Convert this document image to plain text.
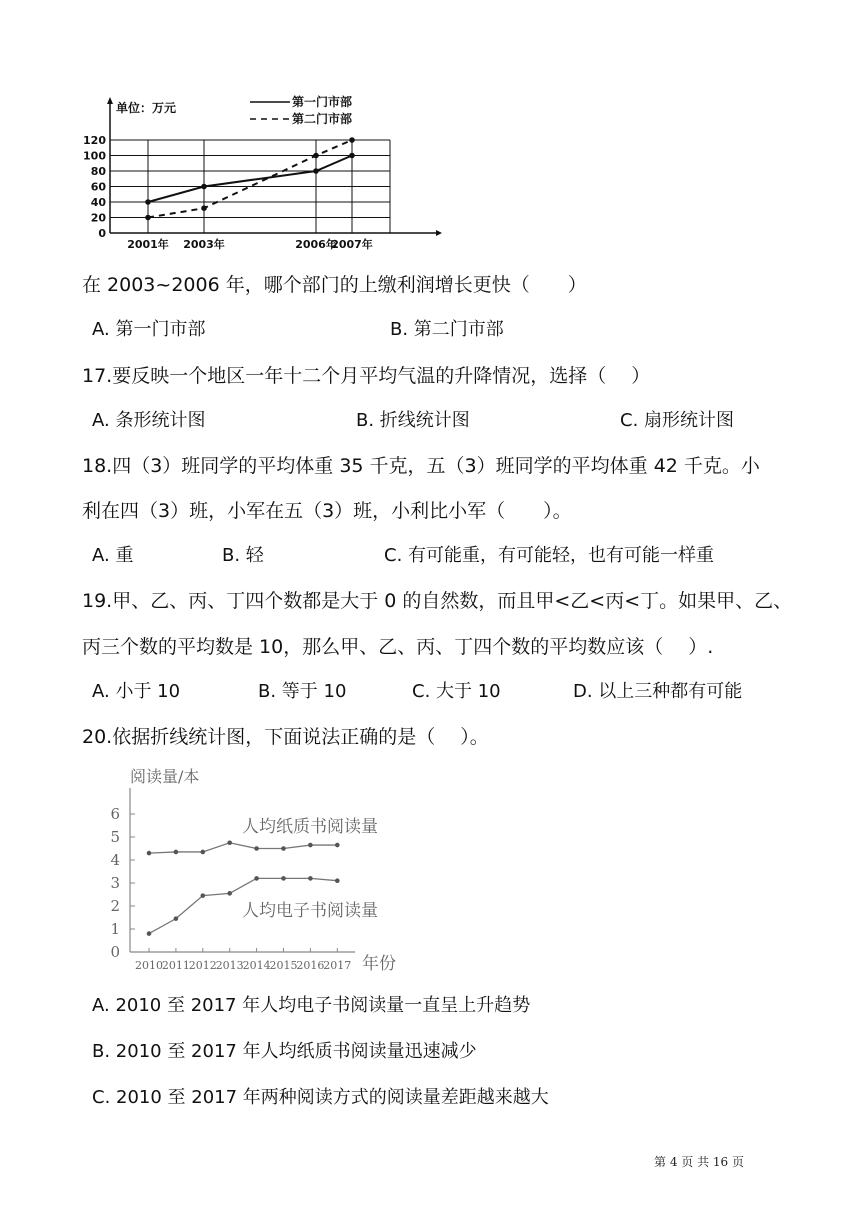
单位：万元	第一门市部
第二门市部
0
20
40
60
80
100
120
2001年 2003年	2006年
2007年
在 2003~2006 年，哪个部门的上缴利润增长更快（　　）
A. 第一门市部	B. 第二门市部
17.要反映一个地区一年十二个月平均气温的升降情况，选择（　 ）
A. 条形统计图	B. 折线统计图	C. 扇形统计图
18.四（3）班同学的平均体重 35 千克，五（3）班同学的平均体重 42 千克。小
利在四（3）班，小军在五（3）班，小利比小军（　　）。
A. 重	B. 轻	C. 有可能重，有可能轻，也有可能一样重
19.甲、乙、丙、丁四个数都是大于 0 的自然数，而且甲<乙<丙<丁。如果甲、乙、
丙三个数的平均数是 10，那么甲、乙、丙、丁四个数的平均数应该（　 ）.
A. 小于 10	B. 等于 10	C. 大于 10	D. 以上三种都有可能
20.依据折线统计图，下面说法正确的是（　 ）。
阅读量/本
0
1
2
3
4
5
6
2010
2011
2012
2013
2014
2015
2016
2017 年份
人均纸质书阅读量
人均电子书阅读量
A. 2010 至 2017 年人均电子书阅读量一直呈上升趋势
B. 2010 至 2017 年人均纸质书阅读量迅速减少
C. 2010 至 2017 年两种阅读方式的阅读量差距越来越大
第 4 页 共 16 页
